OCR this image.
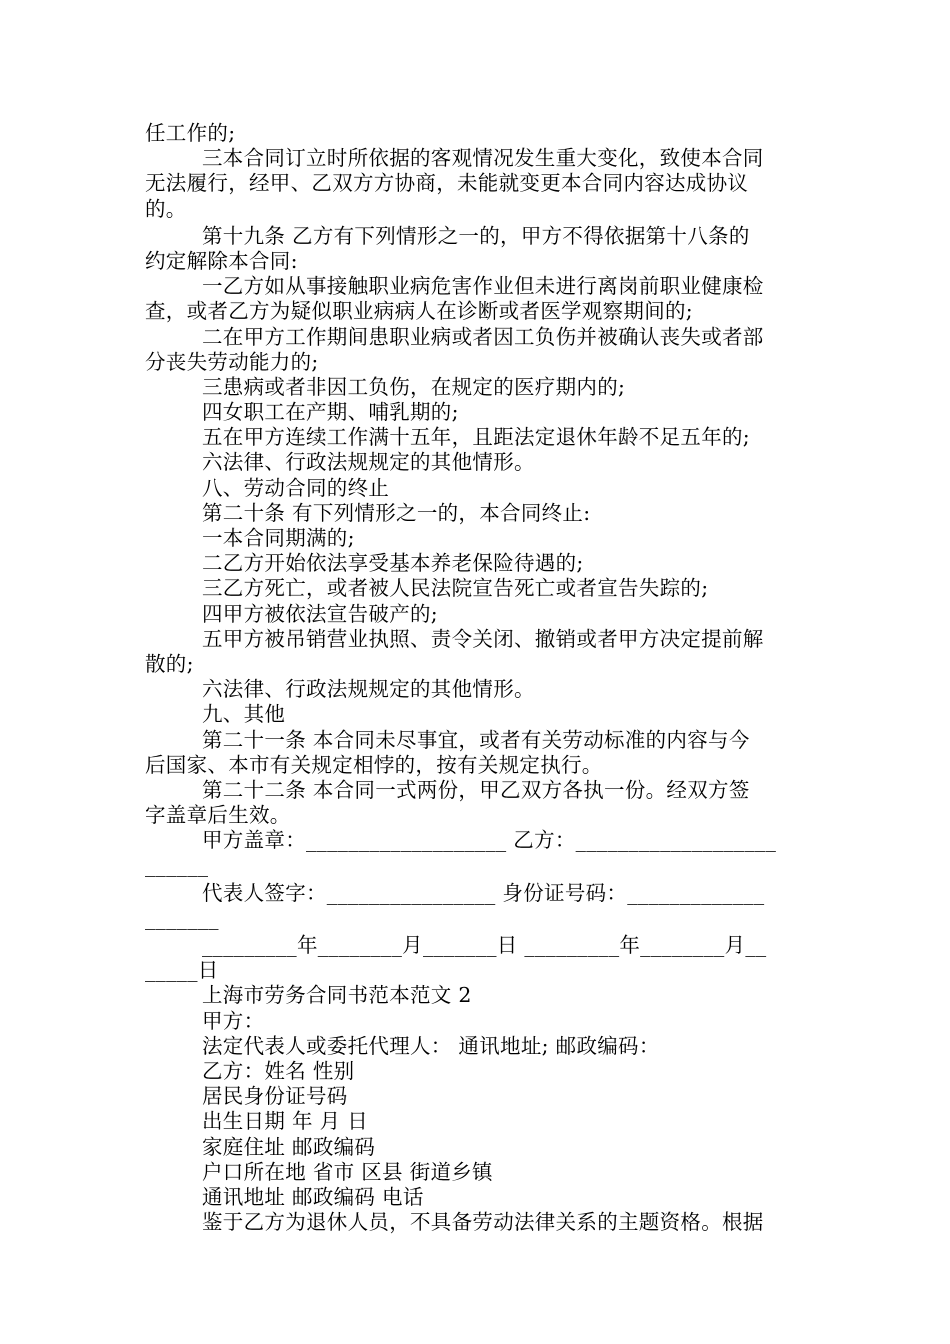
任工作的;
三本合同订立时所依据的客观情况发生重大变化，致使本合同
无法履行，经甲、乙双方方协商，未能就变更本合同内容达成协议
的。
第十九条 乙方有下列情形之一的，甲方不得依据第十八条的
约定解除本合同:
一乙方如从事接触职业病危害作业但未进行离岗前职业健康检
查，或者乙方为疑似职业病病人在诊断或者医学观察期间的;
二在甲方工作期间患职业病或者因工负伤并被确认丧失或者部
分丧失劳动能力的;
三患病或者非因工负伤，在规定的医疗期内的;
四女职工在产期、哺乳期的;
五在甲方连续工作满十五年，且距法定退休年龄不足五年的;
六法律、行政法规规定的其他情形。
八、劳动合同的终止
第二十条 有下列情形之一的，本合同终止:
一本合同期满的;
二乙方开始依法享受基本养老保险待遇的;
三乙方死亡，或者被人民法院宣告死亡或者宣告失踪的;
四甲方被依法宣告破产的;
五甲方被吊销营业执照、责令关闭、撤销或者甲方决定提前解
散的;
六法律、行政法规规定的其他情形。
九、其他
第二十一条 本合同未尽事宜，或者有关劳动标准的内容与今
后国家、本市有关规定相悖的，按有关规定执行。
第二十二条 本合同一式两份，甲乙双方各执一份。经双方签
字盖章后生效。
甲方盖章：___________________ 乙方：___________________
______
代表人签字：________________ 身份证号码：_____________
_______
_________年________月_______日 _________年________月__
_____日
上海市劳务合同书范本范文 2
甲方：
法定代表人或委托代理人： 通讯地址; 邮政编码：
乙方：姓名 性别
居民身份证号码
出生日期 年 月 日
家庭住址 邮政编码
户口所在地 省市 区县 街道乡镇
通讯地址 邮政编码 电话
鉴于乙方为退休人员，不具备劳动法律关系的主题资格。根据
